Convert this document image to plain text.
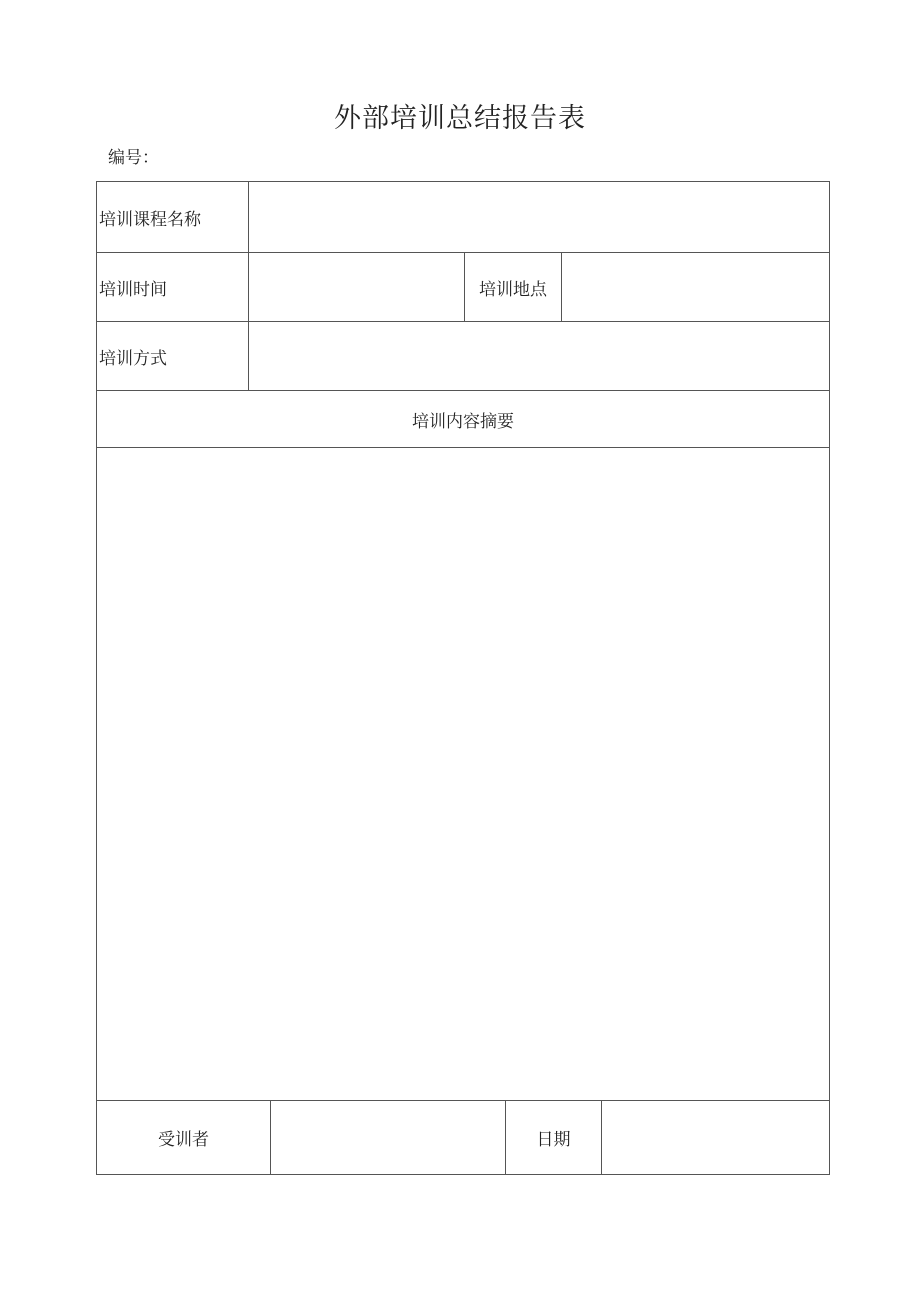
外部培训总结报告表
编号：
培训课程名称
培训时间	培训地点
培训方式
培训内容摘要
受训者	日期
